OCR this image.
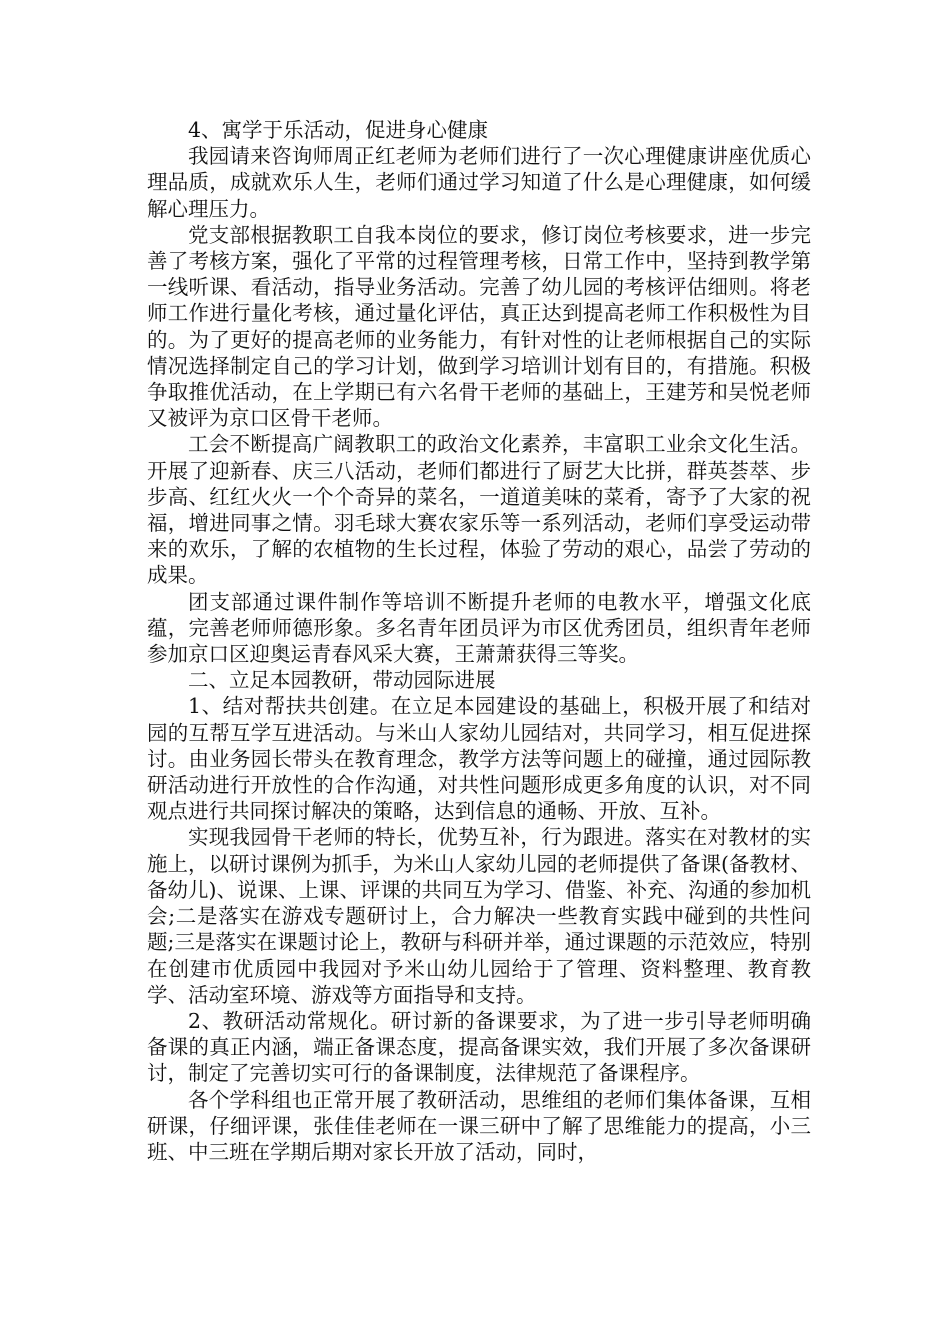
4、寓学于乐活动，促进身心健康

我园请来咨询师周正红老师为老师们进行了一次心理健康讲座优质心理品质，成就欢乐人生，老师们通过学习知道了什么是心理健康，如何缓解心理压力。

党支部根据教职工自我本岗位的要求，修订岗位考核要求，进一步完善了考核方案，强化了平常的过程管理考核，日常工作中，坚持到教学第一线听课、看活动，指导业务活动。完善了幼儿园的考核评估细则。将老师工作进行量化考核，通过量化评估，真正达到提高老师工作积极性为目的。为了更好的提高老师的业务能力，有针对性的让老师根据自己的实际情况选择制定自己的学习计划，做到学习培训计划有目的，有措施。积极争取推优活动，在上学期已有六名骨干老师的基础上，王建芳和吴悦老师又被评为京口区骨干老师。

工会不断提高广阔教职工的政治文化素养，丰富职工业余文化生活。开展了迎新春、庆三八活动，老师们都进行了厨艺大比拼，群英荟萃、步步高、红红火火一个个奇异的菜名，一道道美味的菜肴，寄予了大家的祝福，增进同事之情。羽毛球大赛农家乐等一系列活动，老师们享受运动带来的欢乐，了解的农植物的生长过程，体验了劳动的艰心，品尝了劳动的成果。

团支部通过课件制作等培训不断提升老师的电教水平，增强文化底蕴，完善老师师德形象。多名青年团员评为市区优秀团员，组织青年老师参加京口区迎奥运青春风采大赛，王萧萧获得三等奖。

二、立足本园教研，带动园际进展

1、结对帮扶共创建。在立足本园建设的基础上，积极开展了和结对园的互帮互学互进活动。与米山人家幼儿园结对，共同学习，相互促进探讨。由业务园长带头在教育理念，教学方法等问题上的碰撞，通过园际教研活动进行开放性的合作沟通，对共性问题形成更多角度的认识，对不同观点进行共同探讨解决的策略，达到信息的通畅、开放、互补。

实现我园骨干老师的特长，优势互补，行为跟进。落实在对教材的实施上，以研讨课例为抓手，为米山人家幼儿园的老师提供了备课(备教材、备幼儿)、说课、上课、评课的共同互为学习、借鉴、补充、沟通的参加机会;二是落实在游戏专题研讨上，合力解决一些教育实践中碰到的共性问题;三是落实在课题讨论上，教研与科研并举，通过课题的示范效应，特别在创建市优质园中我园对予米山幼儿园给于了管理、资料整理、教育教学、活动室环境、游戏等方面指导和支持。

2、教研活动常规化。研讨新的备课要求，为了进一步引导老师明确备课的真正内涵，端正备课态度，提高备课实效，我们开展了多次备课研讨，制定了完善切实可行的备课制度，法律规范了备课程序。

各个学科组也正常开展了教研活动，思维组的老师们集体备课，互相研课，仔细评课，张佳佳老师在一课三研中了解了思维能力的提高，小三班、中三班在学期后期对家长开放了活动，同时，
